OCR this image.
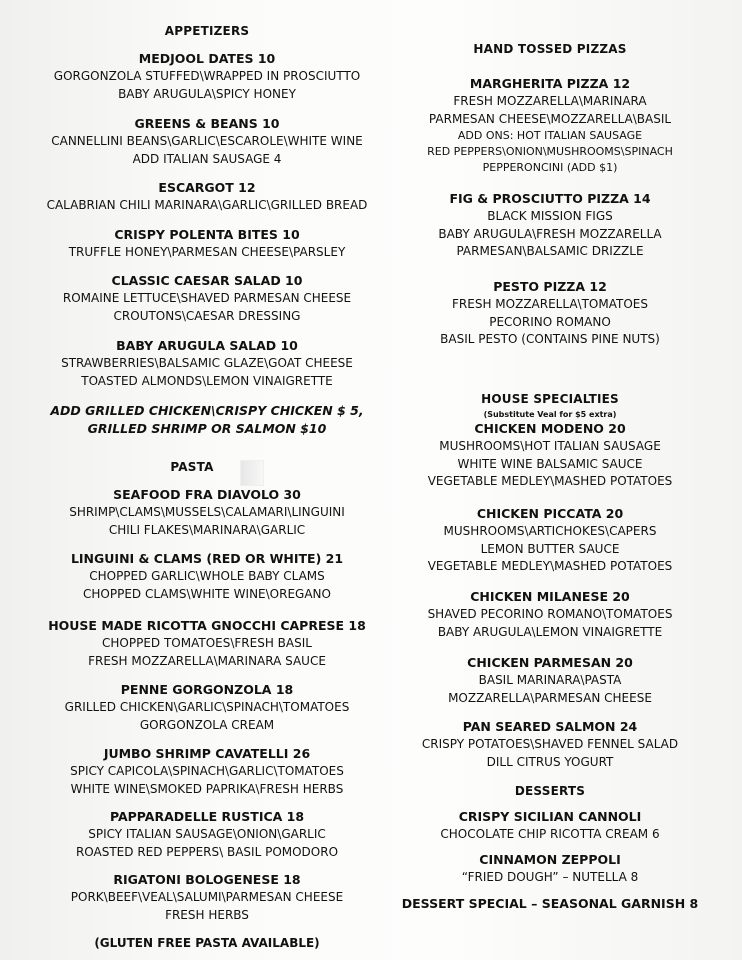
APPETIZERS
MEDJOOL DATES 10
GORGONZOLA STUFFED\WRAPPED IN PROSCIUTTO
BABY ARUGULA\SPICY HONEY
GREENS & BEANS 10
CANNELLINI BEANS\GARLIC\ESCAROLE\WHITE WINE
ADD ITALIAN SAUSAGE 4
ESCARGOT 12
CALABRIAN CHILI MARINARA\GARLIC\GRILLED BREAD
CRISPY POLENTA BITES 10
TRUFFLE HONEY\PARMESAN CHEESE\PARSLEY
CLASSIC CAESAR SALAD 10
ROMAINE LETTUCE\SHAVED PARMESAN CHEESE
CROUTONS\CAESAR DRESSING
BABY ARUGULA SALAD 10
STRAWBERRIES\BALSAMIC GLAZE\GOAT CHEESE
TOASTED ALMONDS\LEMON VINAIGRETTE
ADD GRILLED CHICKEN\CRISPY CHICKEN $ 5,
GRILLED SHRIMP OR SALMON $10
PASTA
SEAFOOD FRA DIAVOLO 30
SHRIMP\CLAMS\MUSSELS\CALAMARI\LINGUINI
CHILI FLAKES\MARINARA\GARLIC
LINGUINI & CLAMS (RED OR WHITE) 21
CHOPPED GARLIC\WHOLE BABY CLAMS
CHOPPED CLAMS\WHITE WINE\OREGANO
HOUSE MADE RICOTTA GNOCCHI CAPRESE 18
CHOPPED TOMATOES\FRESH BASIL
FRESH MOZZARELLA\MARINARA SAUCE
PENNE GORGONZOLA 18
GRILLED CHICKEN\GARLIC\SPINACH\TOMATOES
GORGONZOLA CREAM
JUMBO SHRIMP CAVATELLI 26
SPICY CAPICOLA\SPINACH\GARLIC\TOMATOES
WHITE WINE\SMOKED PAPRIKA\FRESH HERBS
PAPPARADELLE RUSTICA 18
SPICY ITALIAN SAUSAGE\ONION\GARLIC
ROASTED RED PEPPERS\ BASIL POMODORO
RIGATONI BOLOGENESE 18
PORK\BEEF\VEAL\SALUMI\PARMESAN CHEESE
FRESH HERBS
(GLUTEN FREE PASTA AVAILABLE)
HAND TOSSED PIZZAS
MARGHERITA PIZZA 12
FRESH MOZZARELLA\MARINARA
PARMESAN CHEESE\MOZZARELLA\BASIL
ADD ONS: HOT ITALIAN SAUSAGE
RED PEPPERS\ONION\MUSHROOMS\SPINACH
PEPPERONCINI (ADD $1)
FIG & PROSCIUTTO PIZZA 14
BLACK MISSION FIGS
BABY ARUGULA\FRESH MOZZARELLA
PARMESAN\BALSAMIC DRIZZLE
PESTO PIZZA 12
FRESH MOZZARELLA\TOMATOES
PECORINO ROMANO
BASIL PESTO (CONTAINS PINE NUTS)
HOUSE SPECIALTIES
(Substitute Veal for $5 extra)
CHICKEN MODENO 20
MUSHROOMS\HOT ITALIAN SAUSAGE
WHITE WINE BALSAMIC SAUCE
VEGETABLE MEDLEY\MASHED POTATOES
CHICKEN PICCATA 20
MUSHROOMS\ARTICHOKES\CAPERS
LEMON BUTTER SAUCE
VEGETABLE MEDLEY\MASHED POTATOES
CHICKEN MILANESE 20
SHAVED PECORINO ROMANO\TOMATOES
BABY ARUGULA\LEMON VINAIGRETTE
CHICKEN PARMESAN 20
BASIL MARINARA\PASTA
MOZZARELLA\PARMESAN CHEESE
PAN SEARED SALMON 24
CRISPY POTATOES\SHAVED FENNEL SALAD
DILL CITRUS YOGURT
DESSERTS
CRISPY SICILIAN CANNOLI
CHOCOLATE CHIP RICOTTA CREAM 6
CINNAMON ZEPPOLI
“FRIED DOUGH” – NUTELLA 8
DESSERT SPECIAL – SEASONAL GARNISH 8
